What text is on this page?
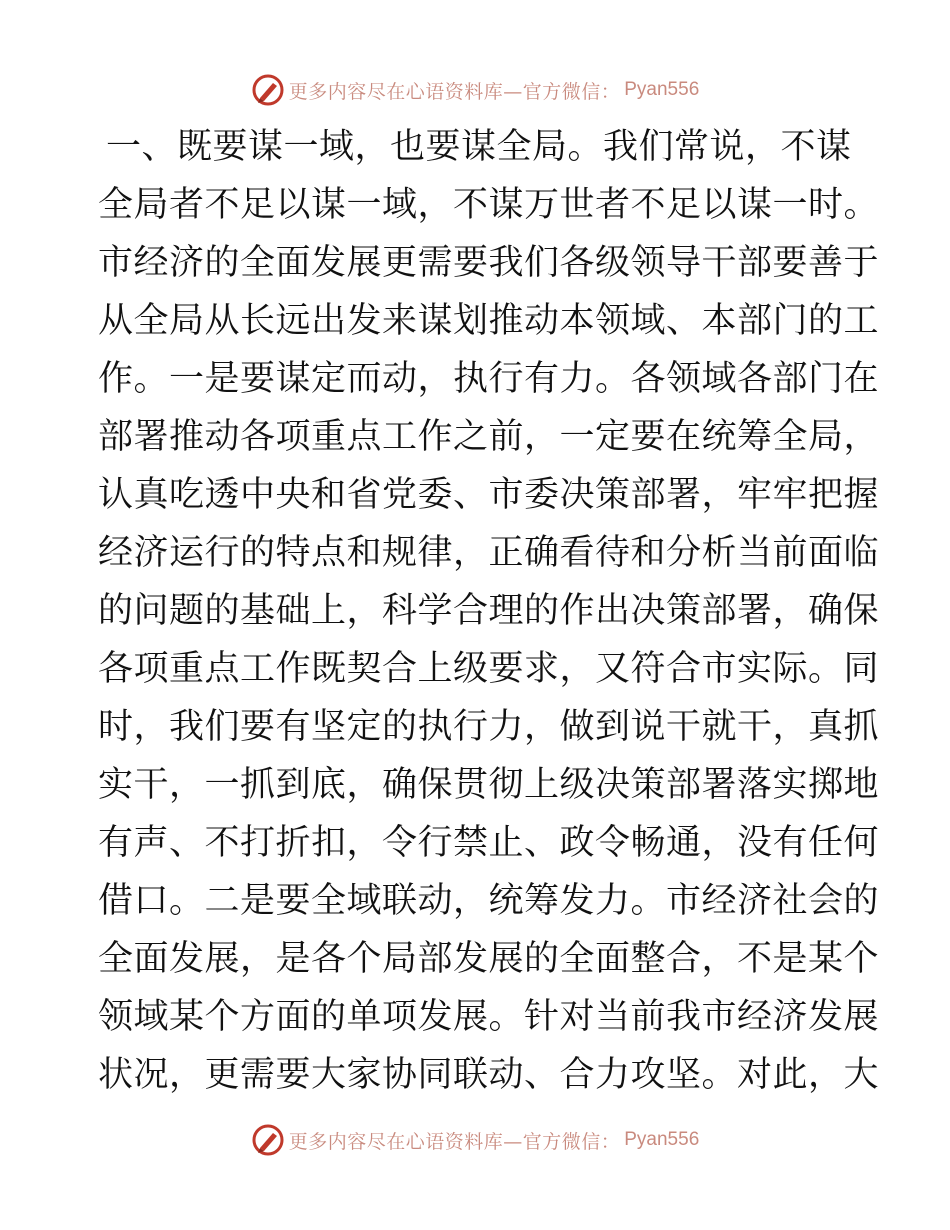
更多内容尽在心语资料库—官方微信： Pyan556
一、既要谋一域，也要谋全局。我们常说，不谋
全局者不足以谋一域，不谋万世者不足以谋一时。
市经济的全面发展更需要我们各级领导干部要善于
从全局从长远出发来谋划推动本领域、本部门的工
作。一是要谋定而动，执行有力。各领域各部门在
部署推动各项重点工作之前，一定要在统筹全局，
认真吃透中央和省党委、市委决策部署，牢牢把握
经济运行的特点和规律，正确看待和分析当前面临
的问题的基础上，科学合理的作出决策部署，确保
各项重点工作既契合上级要求，又符合市实际。同
时，我们要有坚定的执行力，做到说干就干，真抓
实干，一抓到底，确保贯彻上级决策部署落实掷地
有声、不打折扣，令行禁止、政令畅通，没有任何
借口。二是要全域联动，统筹发力。市经济社会的
全面发展，是各个局部发展的全面整合，不是某个
领域某个方面的单项发展。针对当前我市经济发展
状况，更需要大家协同联动、合力攻坚。对此，大
更多内容尽在心语资料库—官方微信： Pyan556
